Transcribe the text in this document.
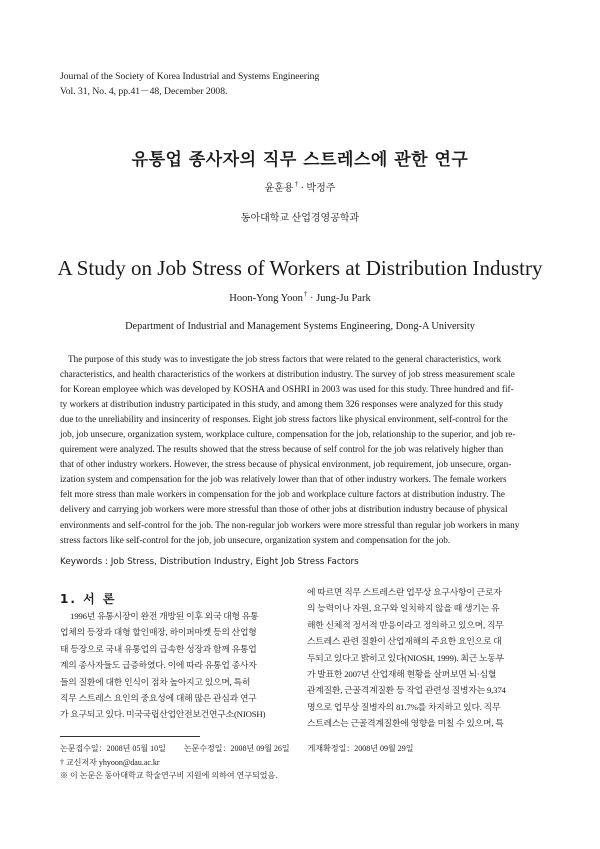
Journal of the Society of Korea Industrial and Systems Engineering
Vol. 31, No. 4, pp.41－48, December 2008.
유통업 종사자의 직무 스트레스에 관한 연구
윤훈용† · 박정주
동아대학교 산업경영공학과
A Study on Job Stress of Workers at Distribution Industry
Hoon-Yong Yoon† · Jung-Ju Park
Department of Industrial and Management Systems Engineering, Dong-A University
The purpose of this study was to investigate the job stress factors that were related to the general characteristics, work
characteristics, and health characteristics of the workers at distribution industry. The survey of job stress measurement scale
for Korean employee which was developed by KOSHA and OSHRI in 2003 was used for this study. Three hundred and fif-
ty workers at distribution industry participated in this study, and among them 326 responses were analyzed for this study
due to the unreliability and insincerity of responses. Eight job stress factors like physical environment, self-control for the
job, job unsecure, organization system, workplace culture, compensation for the job, relationship to the superior, and job re-
quirement were analyzed. The results showed that the stress because of self control for the job was relatively higher than
that of other industry workers. However, the stress because of physical environment, job requirement, job unsecure, organ-
ization system and compensation for the job was relatively lower than that of other industry workers. The female workers
felt more stress than male workers in compensation for the job and workplace culture factors at distribution industry. The
delivery and carrying job workers were more stressful than those of other jobs at distribution industry because of physical
environments and self-control for the job. The non-regular job workers were more stressful than regular job workers in many
stress factors like self-control for the job, job unsecure, organization system and compensation for the job.
Keywords : Job Stress, Distribution Industry, Eight Job Stress Factors
1. 서 론
1996년 유통시장이 완전 개방된 이후 외국 대형 유통
업체의 등장과 대형 할인매장, 하이퍼마켓 등의 산업형
태 등장으로 국내 유통업의 급속한 성장과 함께 유통업
계의 종사자들도 급증하였다. 이에 따라 유통업 종사자
들의 질환에 대한 인식이 점차 높아지고 있으며, 특히
직무 스트레스 요인의 중요성에 대해 많은 관심과 연구
가 요구되고 있다. 미국국립산업안전보건연구소(NIOSH)
에 따르면 직무 스트레스란 업무상 요구사항이 근로자
의 능력이나 자원, 요구와 일치하지 않을 때 생기는 유
해한 신체적 정서적 반응이라고 정의하고 있으며, 직무
스트레스 관련 질환이 산업재해의 주요한 요인으로 대
두되고 있다고 밝히고 있다(NIOSH, 1999). 최근 노동부
가 발표한 2007년 산업재해 현황을 살펴보면 뇌·심혈
관계질환, 근골격계질환 등 작업 관련성 질병자는 9,374
명으로 업무상 질병자의 81.7%를 차지하고 있다. 직무
스트레스는 근골격계질환에 영향을 미칠 수 있으며, 특
논문접수일：2008년 05월 10일 논문수정일：2008년 09월 26일 게재확정일：2008년 09월 29일
† 교신저자 yhyoon@dau.ac.kr
※ 이 논문은 동아대학교 학술연구비 지원에 의하여 연구되었음.
